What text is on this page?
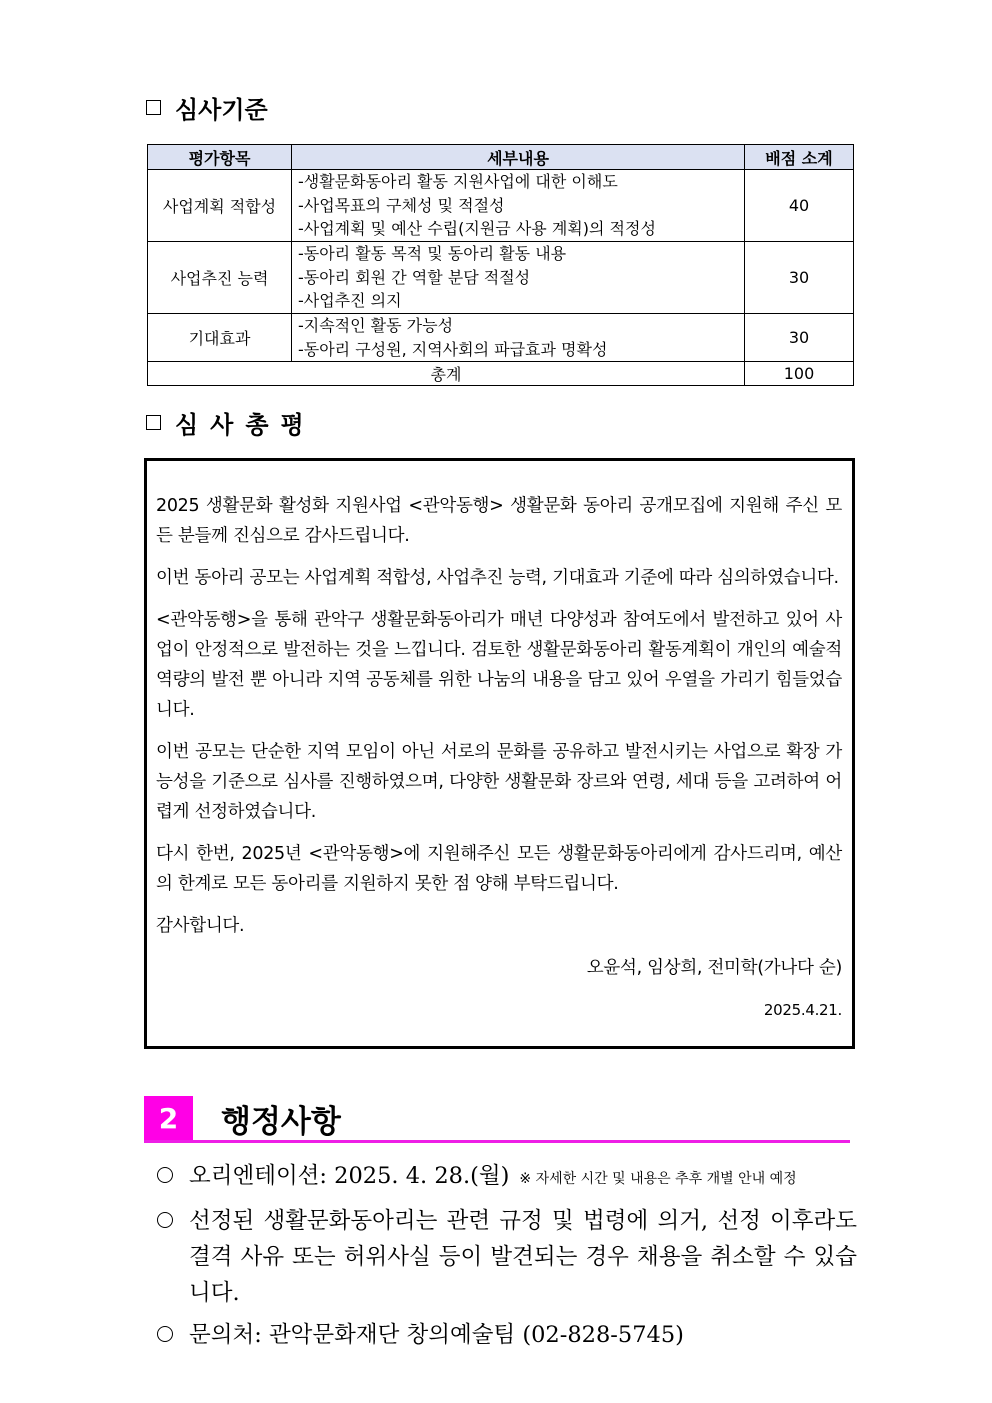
심사기준
평가항목	세부내용	배점 소계
사업계획 적합성	-생활문화동아리 활동 지원사업에 대한 이해도
-사업목표의 구체성 및 적절성
-사업계획 및 예산 수립(지원금 사용 계획)의 적정성	40
사업추진 능력	-동아리 활동 목적 및 동아리 활동 내용
-동아리 회원 간 역할 분담 적절성
-사업추진 의지	30
기대효과	-지속적인 활동 가능성
-동아리 구성원, 지역사회의 파급효과 명확성	30
총계		100
심사총평

2025 생활문화 활성화 지원사업 <관악동행> 생활문화 동아리 공개모집에 지원해 주신 모든 분들께 진심으로 감사드립니다.

이번 동아리 공모는 사업계획 적합성, 사업추진 능력, 기대효과 기준에 따라 심의하였습니다.

<관악동행>을 통해 관악구 생활문화동아리가 매년 다양성과 참여도에서 발전하고 있어 사업이 안정적으로 발전하는 것을 느낍니다. 검토한 생활문화동아리 활동계획이 개인의 예술적 역량의 발전 뿐 아니라 지역 공동체를 위한 나눔의 내용을 담고 있어 우열을 가리기 힘들었습니다.

이번 공모는 단순한 지역 모임이 아닌 서로의 문화를 공유하고 발전시키는 사업으로 확장 가능성을 기준으로 심사를 진행하였으며, 다양한 생활문화 장르와 연령, 세대 등을 고려하여 어렵게 선정하였습니다.

다시 한번, 2025년 <관악동행>에 지원해주신 모든 생활문화동아리에게 감사드리며, 예산의 한계로 모든 동아리를 지원하지 못한 점 양해 부탁드립니다.

감사합니다.

오윤석, 임상희, 전미학(가나다 순)

2025.4.21.

2	행정사항
오리엔테이션: 2025. 4. 28.(월) ※ 자세한 시간 및 내용은 추후 개별 안내 예정
선정된 생활문화동아리는 관련 규정 및 법령에 의거, 선정 이후라도 결격 사유 또는 허위사실 등이 발견되는 경우 채용을 취소할 수 있습니다.
문의처: 관악문화재단 창의예술팀 (02-828-5745)
